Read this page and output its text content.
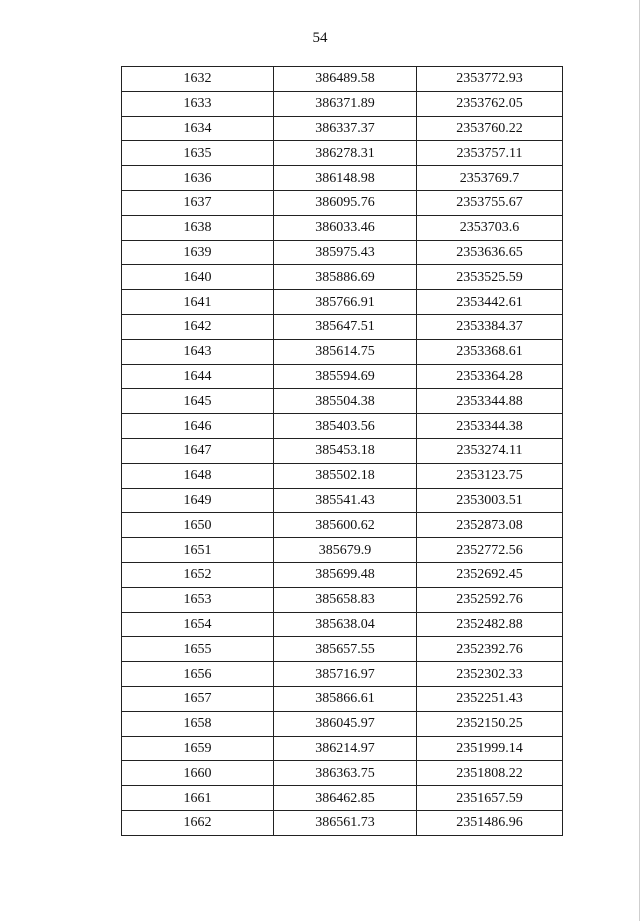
54
1632	386489.58	2353772.93
1633	386371.89	2353762.05
1634	386337.37	2353760.22
1635	386278.31	2353757.11
1636	386148.98	2353769.7
1637	386095.76	2353755.67
1638	386033.46	2353703.6
1639	385975.43	2353636.65
1640	385886.69	2353525.59
1641	385766.91	2353442.61
1642	385647.51	2353384.37
1643	385614.75	2353368.61
1644	385594.69	2353364.28
1645	385504.38	2353344.88
1646	385403.56	2353344.38
1647	385453.18	2353274.11
1648	385502.18	2353123.75
1649	385541.43	2353003.51
1650	385600.62	2352873.08
1651	385679.9	2352772.56
1652	385699.48	2352692.45
1653	385658.83	2352592.76
1654	385638.04	2352482.88
1655	385657.55	2352392.76
1656	385716.97	2352302.33
1657	385866.61	2352251.43
1658	386045.97	2352150.25
1659	386214.97	2351999.14
1660	386363.75	2351808.22
1661	386462.85	2351657.59
1662	386561.73	2351486.96
